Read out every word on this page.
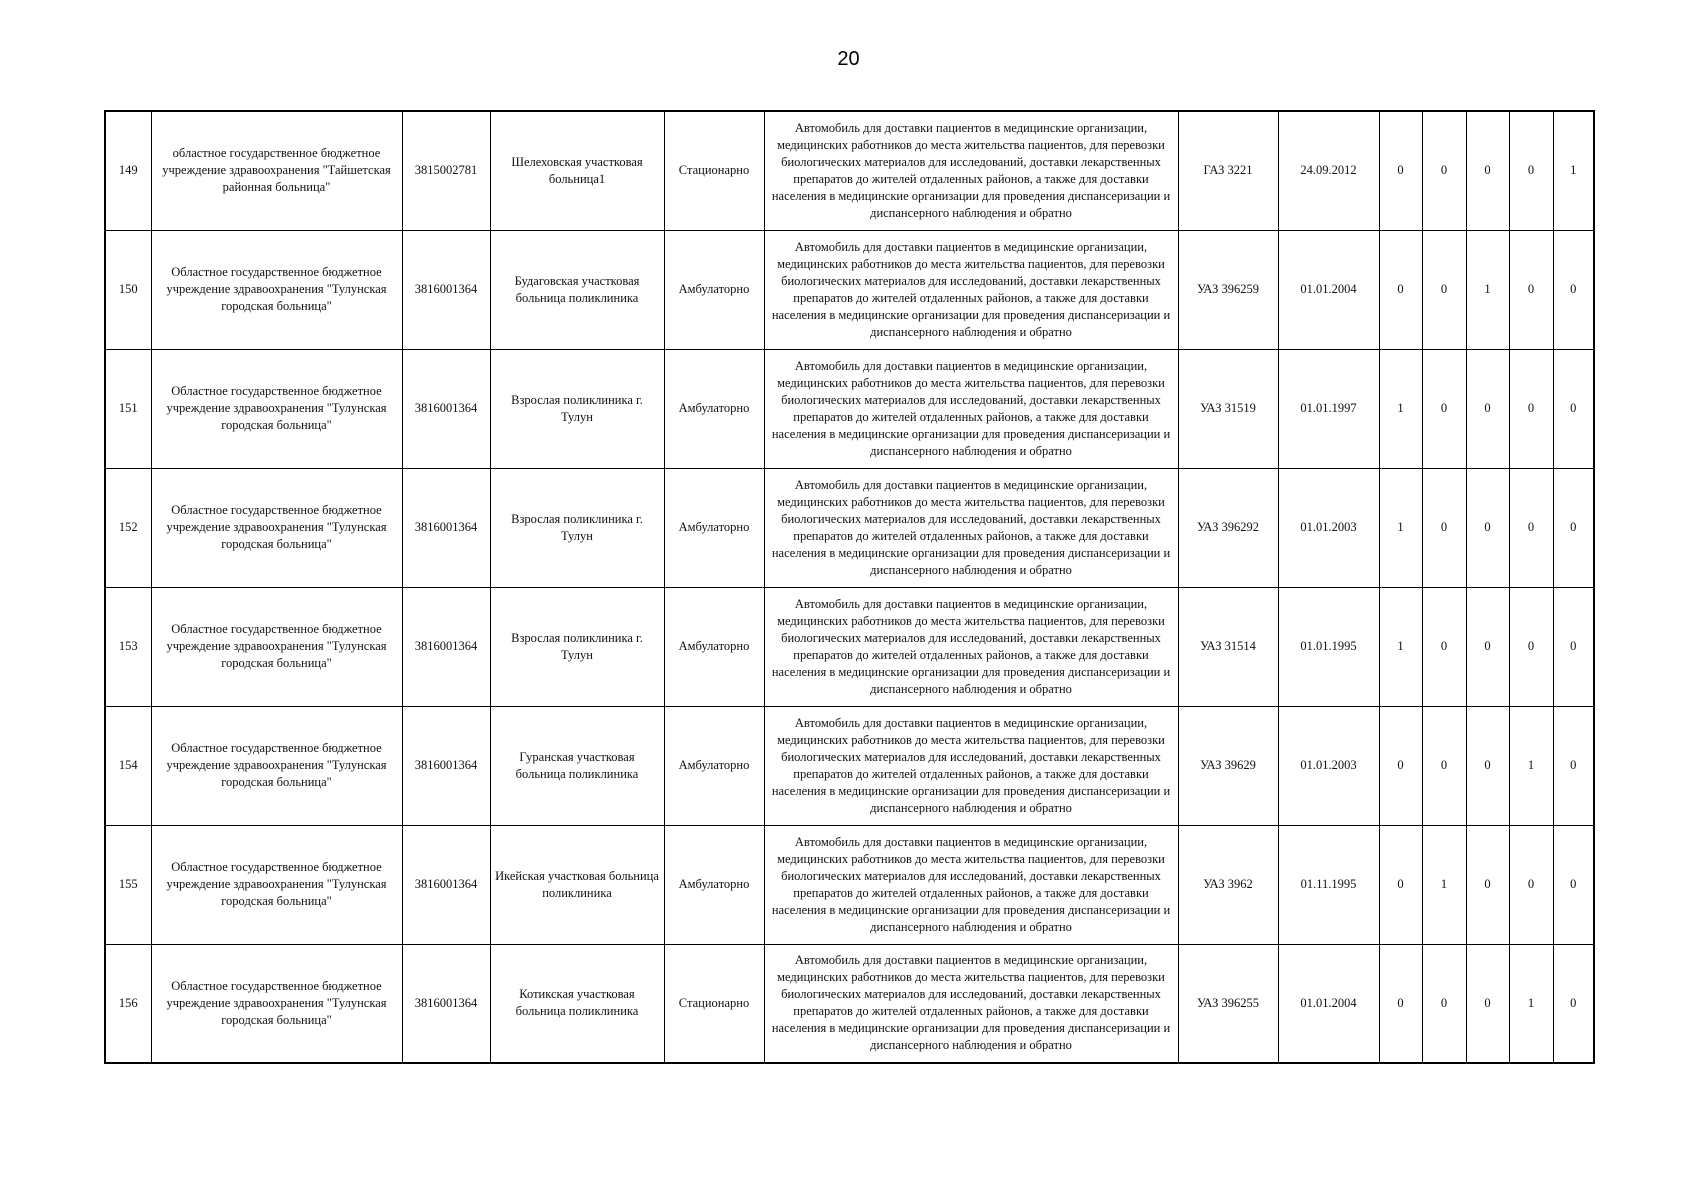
20
149	областное государственное бюджетное учреждение здравоохранения "Тайшетская районная больница"	3815002781	Шелеховская участковая больница1	Стационарно	Автомобиль для доставки пациентов в медицинские организации, медицинских работников до места жительства пациентов, для перевозки биологических материалов для исследований, доставки лекарственных препаратов до жителей отдаленных районов, а также для доставки населения в медицинские организации для проведения диспансеризации и диспансерного наблюдения и обратно	ГАЗ 3221	24.09.2012	0	0	0	0	1
150	Областное государственное бюджетное учреждение здравоохранения "Тулунская городская больница"	3816001364	Будаговская участковая больница поликлиника	Амбулаторно	Автомобиль для доставки пациентов в медицинские организации, медицинских работников до места жительства пациентов, для перевозки биологических материалов для исследований, доставки лекарственных препаратов до жителей отдаленных районов, а также для доставки населения в медицинские организации для проведения диспансеризации и диспансерного наблюдения и обратно	УАЗ 396259	01.01.2004	0	0	1	0	0
151	Областное государственное бюджетное учреждение здравоохранения "Тулунская городская больница"	3816001364	Взрослая поликлиника г. Тулун	Амбулаторно	Автомобиль для доставки пациентов в медицинские организации, медицинских работников до места жительства пациентов, для перевозки биологических материалов для исследований, доставки лекарственных препаратов до жителей отдаленных районов, а также для доставки населения в медицинские организации для проведения диспансеризации и диспансерного наблюдения и обратно	УАЗ 31519	01.01.1997	1	0	0	0	0
152	Областное государственное бюджетное учреждение здравоохранения "Тулунская городская больница"	3816001364	Взрослая поликлиника г. Тулун	Амбулаторно	Автомобиль для доставки пациентов в медицинские организации, медицинских работников до места жительства пациентов, для перевозки биологических материалов для исследований, доставки лекарственных препаратов до жителей отдаленных районов, а также для доставки населения в медицинские организации для проведения диспансеризации и диспансерного наблюдения и обратно	УАЗ 396292	01.01.2003	1	0	0	0	0
153	Областное государственное бюджетное учреждение здравоохранения "Тулунская городская больница"	3816001364	Взрослая поликлиника г. Тулун	Амбулаторно	Автомобиль для доставки пациентов в медицинские организации, медицинских работников до места жительства пациентов, для перевозки биологических материалов для исследований, доставки лекарственных препаратов до жителей отдаленных районов, а также для доставки населения в медицинские организации для проведения диспансеризации и диспансерного наблюдения и обратно	УАЗ 31514	01.01.1995	1	0	0	0	0
154	Областное государственное бюджетное учреждение здравоохранения "Тулунская городская больница"	3816001364	Гуранская участковая больница поликлиника	Амбулаторно	Автомобиль для доставки пациентов в медицинские организации, медицинских работников до места жительства пациентов, для перевозки биологических материалов для исследований, доставки лекарственных препаратов до жителей отдаленных районов, а также для доставки населения в медицинские организации для проведения диспансеризации и диспансерного наблюдения и обратно	УАЗ 39629	01.01.2003	0	0	0	1	0
155	Областное государственное бюджетное учреждение здравоохранения "Тулунская городская больница"	3816001364	Икейская участковая больница поликлиника	Амбулаторно	Автомобиль для доставки пациентов в медицинские организации, медицинских работников до места жительства пациентов, для перевозки биологических материалов для исследований, доставки лекарственных препаратов до жителей отдаленных районов, а также для доставки населения в медицинские организации для проведения диспансеризации и диспансерного наблюдения и обратно	УАЗ 3962	01.11.1995	0	1	0	0	0
156	Областное государственное бюджетное учреждение здравоохранения "Тулунская городская больница"	3816001364	Котикская участковая больница поликлиника	Стационарно	Автомобиль для доставки пациентов в медицинские организации, медицинских работников до места жительства пациентов, для перевозки биологических материалов для исследований, доставки лекарственных препаратов до жителей отдаленных районов, а также для доставки населения в медицинские организации для проведения диспансеризации и диспансерного наблюдения и обратно	УАЗ 396255	01.01.2004	0	0	0	1	0
